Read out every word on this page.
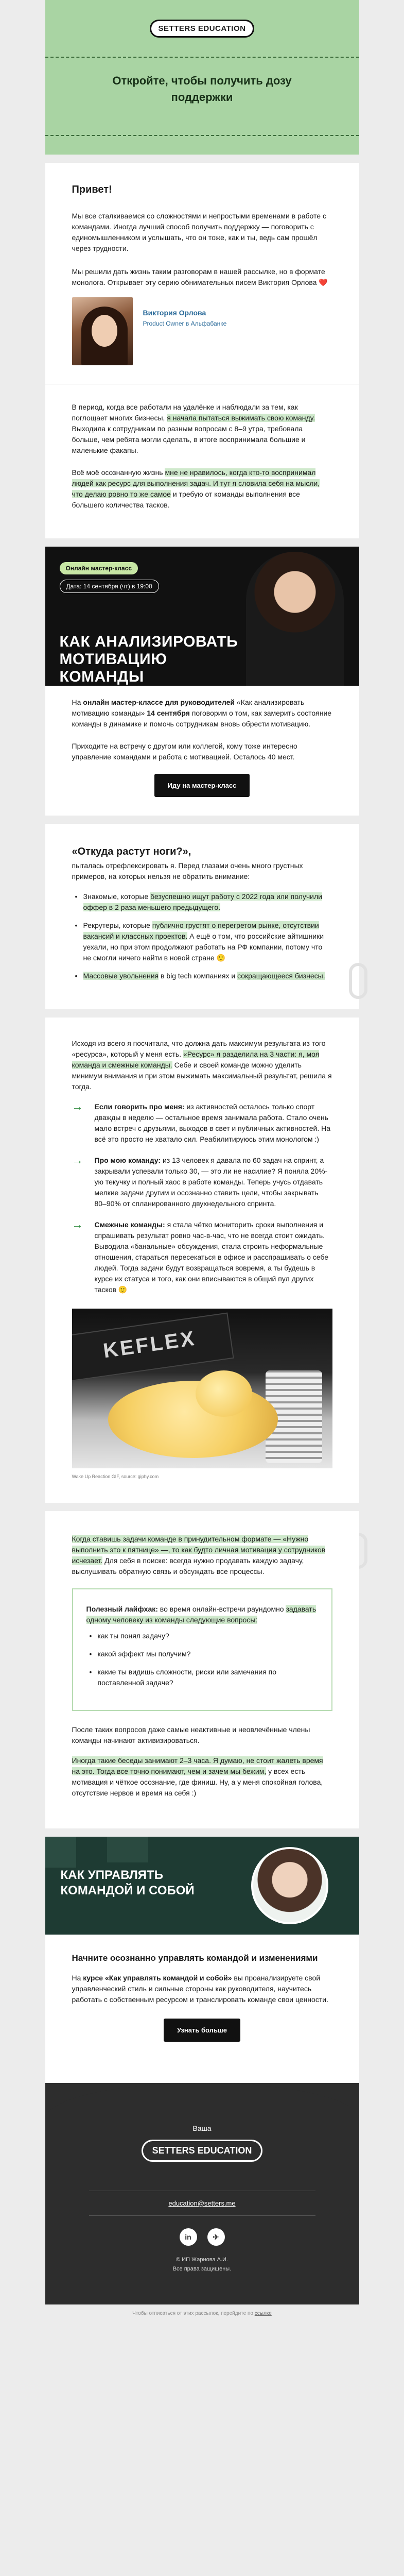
SETTERS EDUCATION
Откройте, чтобы получить дозу поддержки
Привет!

Мы все сталкиваемся со сложностями и непростыми временами в работе с командами. Иногда лучший способ получить поддержку — поговорить с единомышленником и услышать, что он тоже, как и ты, ведь сам прошёл через трудности.

Мы решили дать жизнь таким разговорам в нашей рассылке, но в формате монолога. Открывает эту серию обнимательных писем Виктория Орлова ❤️

Виктория Орлова
Product Owner в Альфабанке

В период, когда все работали на удалёнке и наблюдали за тем, как поглощает многих бизнесы, я начала пытаться выжимать свою команду. Выходила к сотрудникам по разным вопросам с 8–9 утра, требовала больше, чем ребята могли сделать, в итоге воспринимала большие и маленькие факапы.

Всё моё осознанную жизнь мне не нравилось, когда кто-то воспринимал людей как ресурс для выполнения задач. И тут я словила себя на мысли, что делаю ровно то же самое и требую от команды выполнения все большего количества тасков.

Онлайн мастер-класс
Дата: 14 сентября (чт) в 19:00
КАК АНАЛИЗИРОВАТЬ МОТИВАЦИЮ КОМАНДЫ

На онлайн мастер-классе для руководителей «Как анализировать мотивацию команды» 14 сентября поговорим о том, как замерить состояние команды в динамике и помочь сотрудникам вновь обрести мотивацию.

Приходите на встречу с другом или коллегой, кому тоже интересно управление командами и работа с мотивацией. Осталось 40 мест.

Иду на мастер-класс
«Откуда растут ноги?»,

пыталась отрефлексировать я. Перед глазами очень много грустных примеров, на которых нельзя не обратить внимание:

• Знакомые, которые безуспешно ищут работу с 2022 года или получили оффер в 2 раза меньшего предыдущего.
• Рекрутеры, которые публично грустят о перегретом рынке, отсутствии вакансий и классных проектов. А ещё о том, что российские айтишники уехали, но при этом продолжают работать на РФ компании, потому что не смогли ничего найти в новой стране 🙂
• Массовые увольнения в big tech компаниях и сокращающееся бизнесы.

Исходя из всего я посчитала, что должна дать максимум результата из того «ресурса», который у меня есть. «Ресурс» я разделила на 3 части: я, моя команда и смежные команды. Себе и своей команде можно уделить минимум внимания и при этом выжимать максимальный результат, решила я тогда.

→ Если говорить про меня: из активностей осталось только спорт дважды в неделю — остальное время занимала работа. Стало очень мало встреч с друзьями, выходов в свет и публичных активностей. На всё это просто не хватало сил. Реабилитируюсь этим монологом :)
→ Про мою команду: из 13 человек я давала по 60 задач на спринт, а закрывали успевали только 30, — это ли не насилие? Я поняла 20%-ую текучку и полный хаос в работе команды. Теперь учусь отдавать мелкие задачи другим и осознанно ставить цели, чтобы закрывать 80–90% от спланированного двухнедельного спринта.
→ Смежные команды: я стала чётко мониторить сроки выполнения и спрашивать результат ровно час-в-час, что не всегда стоит ожидать. Выводила «банальные» обсуждения, стала строить неформальные отношения, стараться пересекаться в офисе и расспрашивать о себе людей. Тогда задачи будут возвращаться вовремя, а ты будешь в курсе их статуса и того, как они вписываются в общий пул других тасков 🙂
KEFLEX
Wake Up Reaction GIF, source: giphy.com

Когда ставишь задачи команде в принудительном формате — «Нужно выполнить это к пятнице» —, то как будто личная мотивация у сотрудников исчезает. Для себя в поиске: всегда нужно продавать каждую задачу, выслушивать обратную связь и обсуждать все процессы.

Полезный лайфхак: во время онлайн-встречи раундомно задавать одному человеку из команды следующие вопросы:

• как ты понял задачу?
• какой эффект мы получим?
• какие ты видишь сложности, риски или замечания по поставленной задаче?

После таких вопросов даже самые неактивные и неовлечённые члены команды начинают активизироваться.

Иногда такие беседы занимают 2–3 часа. Я думаю, не стоит жалеть время на это. Тогда все точно понимают, чем и зачем мы бежим, у всех есть мотивация и чёткое осознание, где финиш. Ну, а у меня спокойная голова, отсутствие нервов и время на себя :)

КАК УПРАВЛЯТЬ КОМАНДОЙ И СОБОЙ
Начните осознанно управлять командой и изменениями

На курсе «Как управлять командой и собой» вы проанализируете свой управленческий стиль и сильные стороны как руководителя, научитесь работать с собственным ресурсом и транслировать команде свои ценности.

Узнать больше
Ваша
SETTERS EDUCATION
education@setters.me
in	✈
© ИП Жарнова А.И.
Все права защищены.
Чтобы отписаться от этих рассылок, перейдите по ссылке
